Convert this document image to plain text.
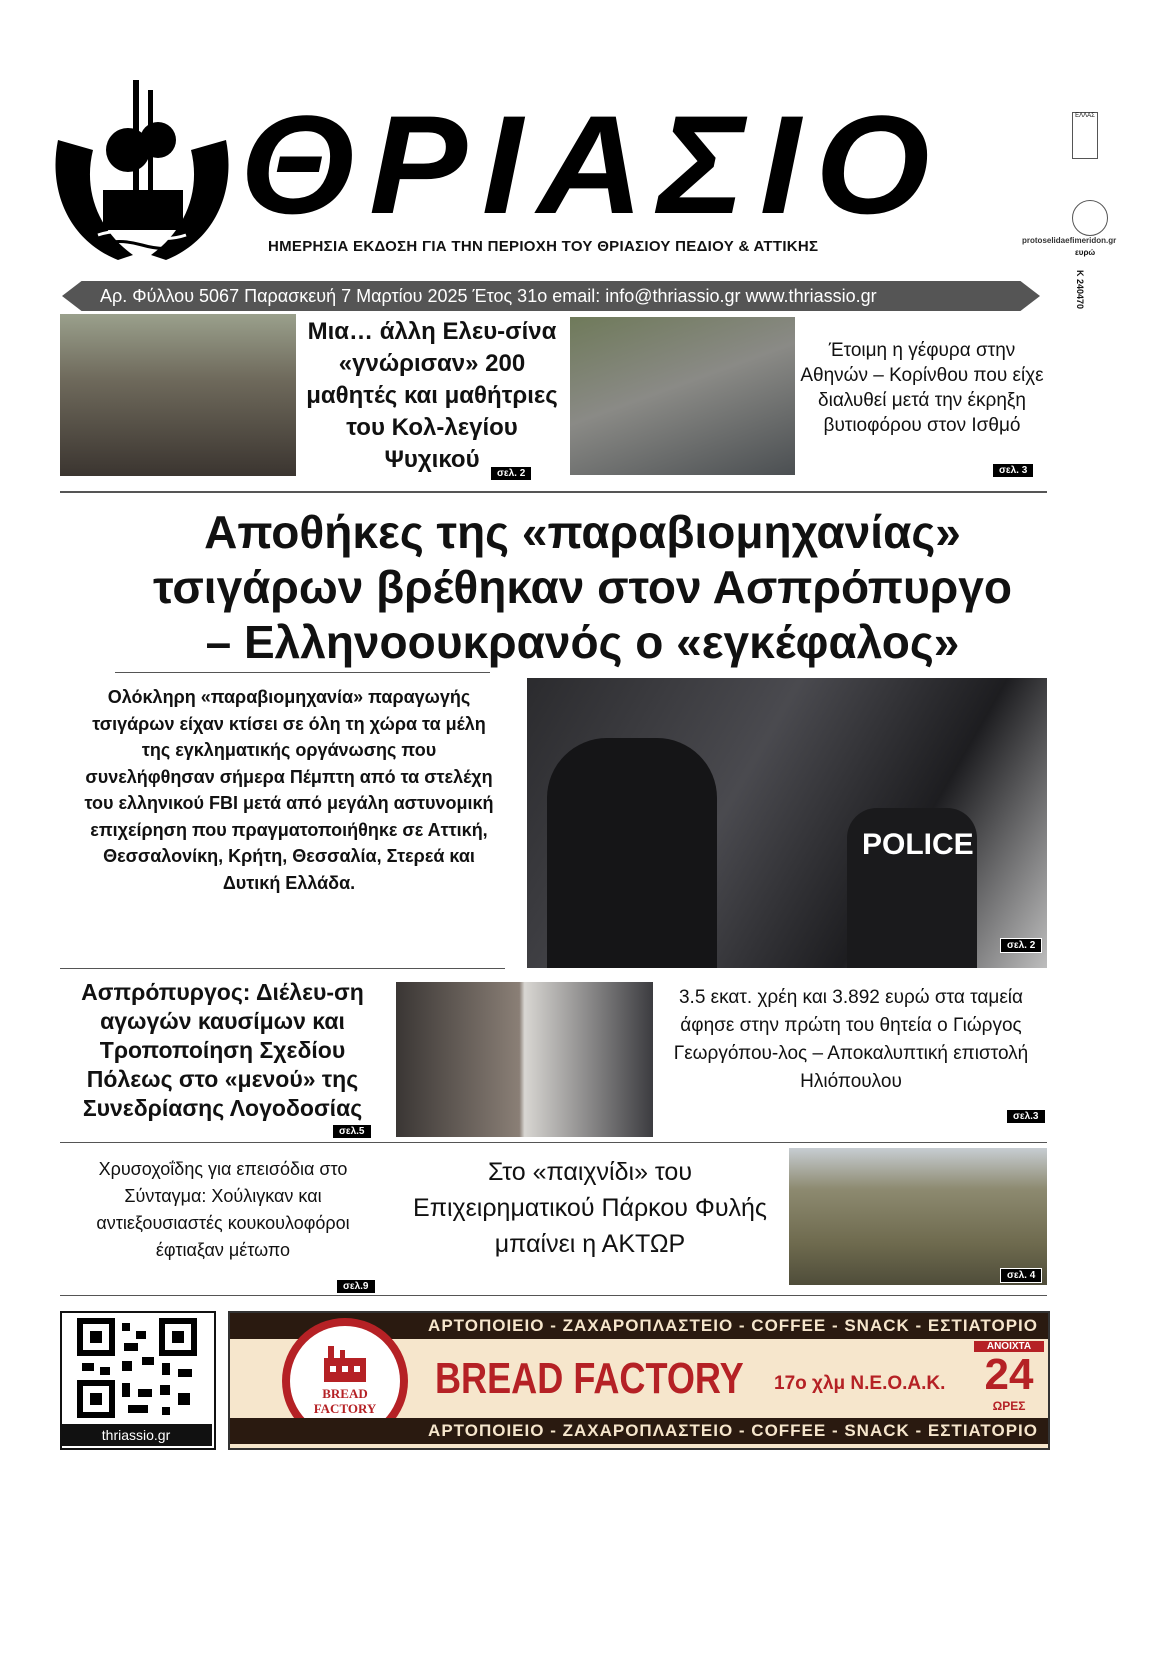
ΘΡΙΑΣΙΟ	ΕΛΛΑΣ
protoselidaefimeridon.gr
ευρώ
Κ 240470
ΗΜΕΡΗΣΙΑ ΕΚΔΟΣΗ ΓΙΑ ΤΗΝ ΠΕΡΙΟΧΗ ΤΟΥ ΘΡΙΑΣΙΟΥ ΠΕΔΙΟΥ & ΑΤΤΙΚΗΣ
Αρ. Φύλλου 5067 Παρασκευή 7 Μαρτίου 2025 Έτος 31ο email: info@thriassio.gr www.thriassio.gr
Μια… άλλη Ελευ-σίνα «γνώρισαν» 200 μαθητές και μαθήτριες του Κολ-λεγίου Ψυχικού
σελ. 2
Έτοιμη η γέφυρα στην Αθηνών – Κορίνθου που είχε διαλυθεί μετά την έκρηξη βυτιοφόρου στον Ισθμό
σελ. 3
Αποθήκες της «παραβιομηχανίας»
τσιγάρων βρέθηκαν στον Ασπρόπυργο
– Ελληνοουκρανός ο «εγκέφαλος»
Ολόκληρη «παραβιομηχανία» παραγωγής τσιγάρων είχαν κτίσει σε όλη τη χώρα τα μέλη της εγκληματικής οργάνωσης που συνελήφθησαν σήμερα Πέμπτη από τα στελέχη του ελληνικού FBI μετά από μεγάλη αστυνομική επιχείρηση που πραγματοποιήθηκε σε Αττική, Θεσσαλονίκη, Κρήτη, Θεσσαλία, Στερεά και Δυτική Ελλάδα.
POLICE
σελ. 2
Ασπρόπυργος: Διέλευ-ση αγωγών καυσίμων και Τροποποίηση Σχεδίου Πόλεως στο «μενού» της Συνεδρίασης Λογοδοσίας
σελ.5
3.5 εκατ. χρέη και 3.892 ευρώ στα ταμεία άφησε στην πρώτη του θητεία ο Γιώργος Γεωργόπου-λος – Αποκαλυπτική επιστολή Ηλιόπουλου
σελ.3
Χρυσοχοΐδης για επεισόδια στο Σύνταγμα: Χούλιγκαν και αντιεξουσιαστές κουκουλοφόροι έφτιαξαν μέτωπο
σελ.9
Στο «παιχνίδι» του Επιχειρηματικού Πάρκου Φυλής μπαίνει η ΑΚΤΩΡ
σελ. 4
thriassio.gr
ΑΡΤΟΠΟΙΕΙΟ - ΖΑΧΑΡΟΠΛΑΣΤΕΙΟ - COFFEE - SNACK - ΕΣΤΙΑΤΟΡΙΟ
BREAD
FACTORY
BREAD FACTORY 17ο χλμ Ν.Ε.Ο.Α.Κ.
ΑΝΟΙΧΤΑ
24
ΩΡΕΣ
ΑΡΤΟΠΟΙΕΙΟ - ΖΑΧΑΡΟΠΛΑΣΤΕΙΟ - COFFEE - SNACK - ΕΣΤΙΑΤΟΡΙΟ
